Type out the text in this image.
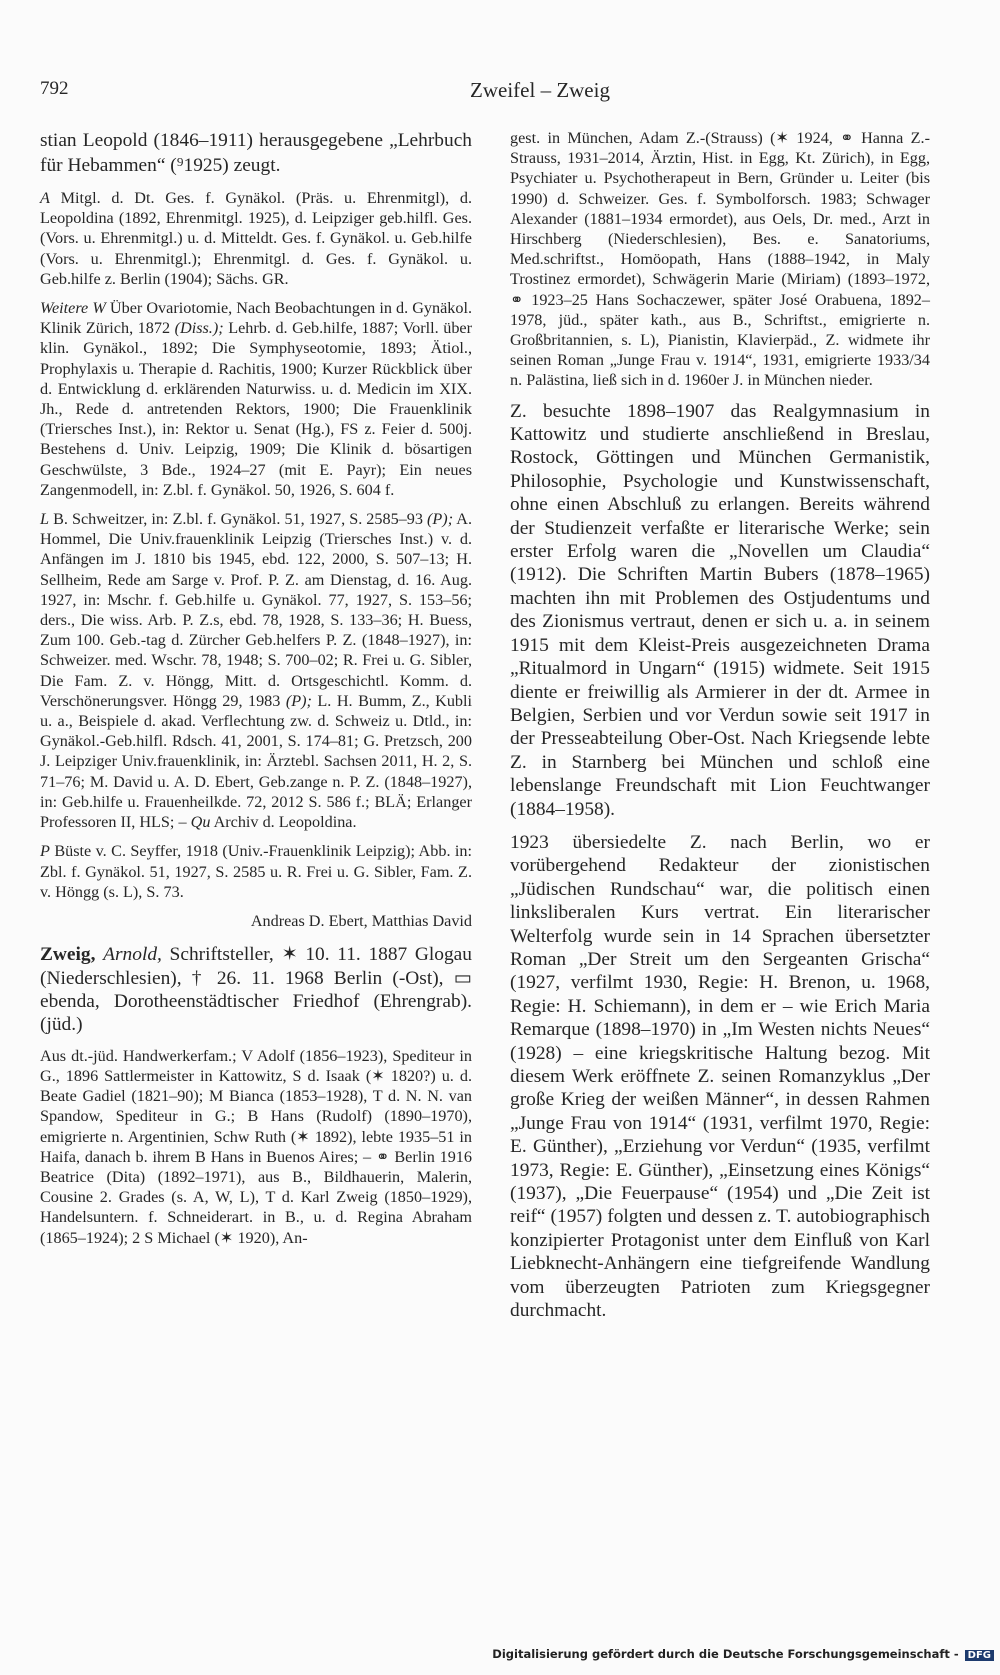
792	Zweifel – Zweig

stian Leopold (1846–1911) herausgegebene „Lehrbuch für Hebammen“ (⁹1925) zeugt.

A Mitgl. d. Dt. Ges. f. Gynäkol. (Präs. u. Ehrenmitgl), d. Leopoldina (1892, Ehrenmitgl. 1925), d. Leipziger geb.hilfl. Ges. (Vors. u. Ehrenmitgl.) u. d. Mitteldt. Ges. f. Gynäkol. u. Geb.hilfe (Vors. u. Ehrenmitgl.); Ehrenmitgl. d. Ges. f. Gynäkol. u. Geb.hilfe z. Berlin (1904); Sächs. GR.

Weitere W Über Ovariotomie, Nach Beobachtungen in d. Gynäkol. Klinik Zürich, 1872 (Diss.); Lehrb. d. Geb.hilfe, 1887; Vorll. über klin. Gynäkol., 1892; Die Symphyseotomie, 1893; Ätiol., Prophylaxis u. Therapie d. Rachitis, 1900; Kurzer Rückblick über d. Entwicklung d. erklärenden Naturwiss. u. d. Medicin im XIX. Jh., Rede d. antretenden Rektors, 1900; Die Frauenklinik (Triersches Inst.), in: Rektor u. Senat (Hg.), FS z. Feier d. 500j. Bestehens d. Univ. Leipzig, 1909; Die Klinik d. bösartigen Geschwülste, 3 Bde., 1924–27 (mit E. Payr); Ein neues Zangenmodell, in: Z.bl. f. Gynäkol. 50, 1926, S. 604 f.

L B. Schweitzer, in: Z.bl. f. Gynäkol. 51, 1927, S. 2585–93 (P); A. Hommel, Die Univ.frauenklinik Leipzig (Triersches Inst.) v. d. Anfängen im J. 1810 bis 1945, ebd. 122, 2000, S. 507–13; H. Sellheim, Rede am Sarge v. Prof. P. Z. am Dienstag, d. 16. Aug. 1927, in: Mschr. f. Geb.hilfe u. Gynäkol. 77, 1927, S. 153–56; ders., Die wiss. Arb. P. Z.s, ebd. 78, 1928, S. 133–36; H. Buess, Zum 100. Geb.-tag d. Zürcher Geb.helfers P. Z. (1848–1927), in: Schweizer. med. Wschr. 78, 1948; S. 700–02; R. Frei u. G. Sibler, Die Fam. Z. v. Höngg, Mitt. d. Ortsgeschichtl. Komm. d. Verschönerungsver. Höngg 29, 1983 (P); L. H. Bumm, Z., Kubli u. a., Beispiele d. akad. Verflechtung zw. d. Schweiz u. Dtld., in: Gynäkol.-Geb.hilfl. Rdsch. 41, 2001, S. 174–81; G. Pretzsch, 200 J. Leipziger Univ.frauenklinik, in: Ärztebl. Sachsen 2011, H. 2, S. 71–76; M. David u. A. D. Ebert, Geb.zange n. P. Z. (1848–1927), in: Geb.hilfe u. Frauenheilkde. 72, 2012 S. 586 f.; BLÄ; Erlanger Professoren II, HLS; – Qu Archiv d. Leopoldina.

P Büste v. C. Seyffer, 1918 (Univ.-Frauenklinik Leipzig); Abb. in: Zbl. f. Gynäkol. 51, 1927, S. 2585 u. R. Frei u. G. Sibler, Fam. Z. v. Höngg (s. L), S. 73.

Andreas D. Ebert, Matthias David

Zweig, Arnold, Schriftsteller, ✶ 10. 11. 1887 Glogau (Niederschlesien), † 26. 11. 1968 Berlin (-Ost), ▭ ebenda, Dorotheenstädtischer Friedhof (Ehrengrab). (jüd.)

Aus dt.-jüd. Handwerkerfam.; V Adolf (1856–1923), Spediteur in G., 1896 Sattlermeister in Kattowitz, S d. Isaak (✶ 1820?) u. d. Beate Gadiel (1821–90); M Bianca (1853–1928), T d. N. N. van Spandow, Spediteur in G.; B Hans (Rudolf) (1890–1970), emigrierte n. Argentinien, Schw Ruth (✶ 1892), lebte 1935–51 in Haifa, danach b. ihrem B Hans in Buenos Aires; – ⚭ Berlin 1916 Beatrice (Dita) (1892–1971), aus B., Bildhauerin, Malerin, Cousine 2. Grades (s. A, W, L), T d. Karl Zweig (1850–1929), Handelsuntern. f. Schneiderart. in B., u. d. Regina Abraham (1865–1924); 2 S Michael (✶ 1920), An-

gest. in München, Adam Z.-(Strauss) (✶ 1924, ⚭ Hanna Z.-Strauss, 1931–2014, Ärztin, Hist. in Egg, Kt. Zürich), in Egg, Psychiater u. Psychotherapeut in Bern, Gründer u. Leiter (bis 1990) d. Schweizer. Ges. f. Symbolforsch. 1983; Schwager Alexander (1881–1934 ermordet), aus Oels, Dr. med., Arzt in Hirschberg (Niederschlesien), Bes. e. Sanatoriums, Med.schriftst., Homöopath, Hans (1888–1942, in Maly Trostinez ermordet), Schwägerin Marie (Miriam) (1893–1972, ⚭ 1923–25 Hans Sochaczewer, später José Orabuena, 1892–1978, jüd., später kath., aus B., Schriftst., emigrierte n. Großbritannien, s. L), Pianistin, Klavierpäd., Z. widmete ihr seinen Roman „Junge Frau v. 1914“, 1931, emigrierte 1933/34 n. Palästina, ließ sich in d. 1960er J. in München nieder.

Z. besuchte 1898–1907 das Realgymnasium in Kattowitz und studierte anschließend in Breslau, Rostock, Göttingen und München Germanistik, Philosophie, Psychologie und Kunstwissenschaft, ohne einen Abschluß zu erlangen. Bereits während der Studienzeit verfaßte er literarische Werke; sein erster Erfolg waren die „Novellen um Claudia“ (1912). Die Schriften Martin Bubers (1878–1965) machten ihn mit Problemen des Ostjudentums und des Zionismus vertraut, denen er sich u. a. in seinem 1915 mit dem Kleist-Preis ausgezeichneten Drama „Ritualmord in Ungarn“ (1915) widmete. Seit 1915 diente er freiwillig als Armierer in der dt. Armee in Belgien, Serbien und vor Verdun sowie seit 1917 in der Presseabteilung Ober-Ost. Nach Kriegsende lebte Z. in Starnberg bei München und schloß eine lebenslange Freundschaft mit Lion Feuchtwanger (1884–1958).

1923 übersiedelte Z. nach Berlin, wo er vorübergehend Redakteur der zionistischen „Jüdischen Rundschau“ war, die politisch einen linksliberalen Kurs vertrat. Ein literarischer Welterfolg wurde sein in 14 Sprachen übersetzter Roman „Der Streit um den Sergeanten Grischa“ (1927, verfilmt 1930, Regie: H. Brenon, u. 1968, Regie: H. Schiemann), in dem er – wie Erich Maria Remarque (1898–1970) in „Im Westen nichts Neues“ (1928) – eine kriegskritische Haltung bezog. Mit diesem Werk eröffnete Z. seinen Romanzyklus „Der große Krieg der weißen Männer“, in dessen Rahmen „Junge Frau von 1914“ (1931, verfilmt 1970, Regie: E. Günther), „Erziehung vor Verdun“ (1935, verfilmt 1973, Regie: E. Günther), „Einsetzung eines Königs“ (1937), „Die Feuerpause“ (1954) und „Die Zeit ist reif“ (1957) folgten und dessen z. T. autobiographisch konzipierter Protagonist unter dem Einfluß von Karl Liebknecht-Anhängern eine tiefgreifende Wandlung vom überzeugten Patrioten zum Kriegsgegner durchmacht.

Digitalisierung gefördert durch die Deutsche Forschungsgemeinschaft - DFG
